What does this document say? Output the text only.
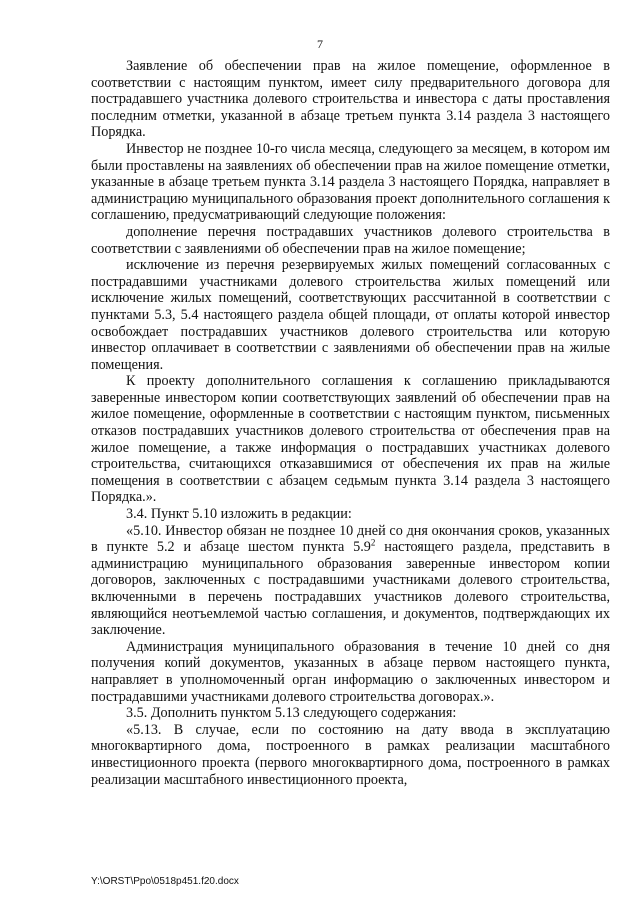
7

Заявление об обеспечении прав на жилое помещение, оформленное в соответствии с настоящим пунктом, имеет силу предварительного договора для пострадавшего участника долевого строительства и инвестора с даты проставления последним отметки, указанной в абзаце третьем пункта 3.14 раздела 3 настоящего Порядка.

Инвестор не позднее 10-го числа месяца, следующего за месяцем, в котором им были проставлены на заявлениях об обеспечении прав на жилое помещение отметки, указанные в абзаце третьем пункта 3.14 раздела 3 настоящего Порядка, направляет в администрацию муниципального образования проект дополнительного соглашения к соглашению, предусматривающий следующие положения:

дополнение перечня пострадавших участников долевого строительства в соответствии с заявлениями об обеспечении прав на жилое помещение;

исключение из перечня резервируемых жилых помещений согласованных с пострадавшими участниками долевого строительства жилых помещений или исключение жилых помещений, соответствующих рассчитанной в соответствии с пунктами 5.3, 5.4 настоящего раздела общей площади, от оплаты которой инвестор освобождает пострадавших участников долевого строительства или которую инвестор оплачивает в соответствии с заявлениями об обеспечении прав на жилые помещения.

К проекту дополнительного соглашения к соглашению прикладываются заверенные инвестором копии соответствующих заявлений об обеспечении прав на жилое помещение, оформленные в соответствии с настоящим пунктом, письменных отказов пострадавших участников долевого строительства от обеспечения прав на жилое помещение, а также информация о пострадавших участниках долевого строительства, считающихся отказавшимися от обеспечения их прав на жилые помещения в соответствии с абзацем седьмым пункта 3.14 раздела 3 настоящего Порядка.».

3.4. Пункт 5.10 изложить в редакции:

«5.10. Инвестор обязан не позднее 10 дней со дня окончания сроков, указанных в пункте 5.2 и абзаце шестом пункта $5.9^2$ настоящего раздела, представить в администрацию муниципального образования заверенные инвестором копии договоров, заключенных с пострадавшими участниками долевого строительства, включенными в перечень пострадавших участников долевого строительства, являющийся неотъемлемой частью соглашения, и документов, подтверждающих их заключение.

Администрация муниципального образования в течение 10 дней со дня получения копий документов, указанных в абзаце первом настоящего пункта, направляет в уполномоченный орган информацию о заключенных инвестором и пострадавшими участниками долевого строительства договорах.».

3.5. Дополнить пунктом 5.13 следующего содержания:

«5.13. В случае, если по состоянию на дату ввода в эксплуатацию многоквартирного дома, построенного в рамках реализации масштабного инвестиционного проекта (первого многоквартирного дома, построенного в рамках реализации масштабного инвестиционного проекта,

Y:\ORST\Ppo\0518p451.f20.docx
